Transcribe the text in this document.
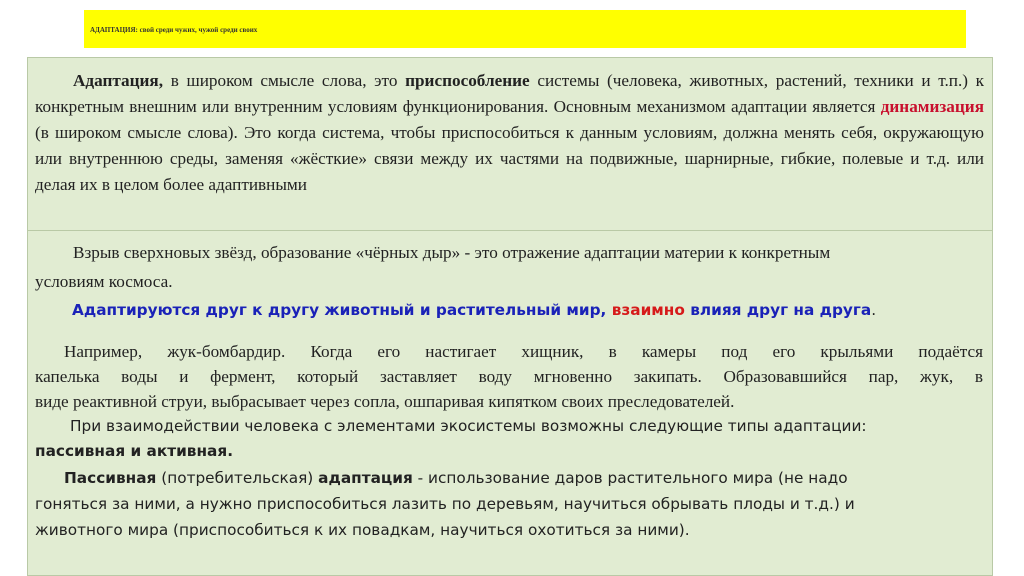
АДАПТАЦИЯ: свой среди чужих, чужой среди своих

Адаптация, в широком смысле слова, это приспособление системы (человека, животных, растений, техники и т.п.) к конкретным внешним или внутренним условиям функционирования. Основным механизмом адаптации является динамизация (в широком смысле слова). Это когда система, чтобы приспособиться к данным условиям, должна менять себя, окружающую или внутреннюю среды, заменяя «жёсткие» связи между их частями на подвижные, шарнирные, гибкие, полевые и т.д. или делая их в целом более адаптивными

Взрыв сверхновых звёзд, образование «чёрных дыр» - это отражение адаптации материи к конкретным

условиям космоса.

Адаптируются друг к другу животный и растительный мир, взаимно влияя друг на друга.

Например, жук-бомбардир. Когда его настигает хищник, в камеры под его крыльями подаётся

капелька воды и фермент, который заставляет воду мгновенно закипать. Образовавшийся пар, жук, в

виде реактивной струи, выбрасывает через сопла, ошпаривая кипятком своих преследователей.

При взаимодействии человека с элементами экосистемы возможны следующие типы адаптации:

пассивная и активная.

Пассивная (потребительская) адаптация - использование даров растительного мира (не надо

гоняться за ними, а нужно приспособиться лазить по деревьям, научиться обрывать плоды и т.д.) и

животного мира (приспособиться к их повадкам, научиться охотиться за ними).
